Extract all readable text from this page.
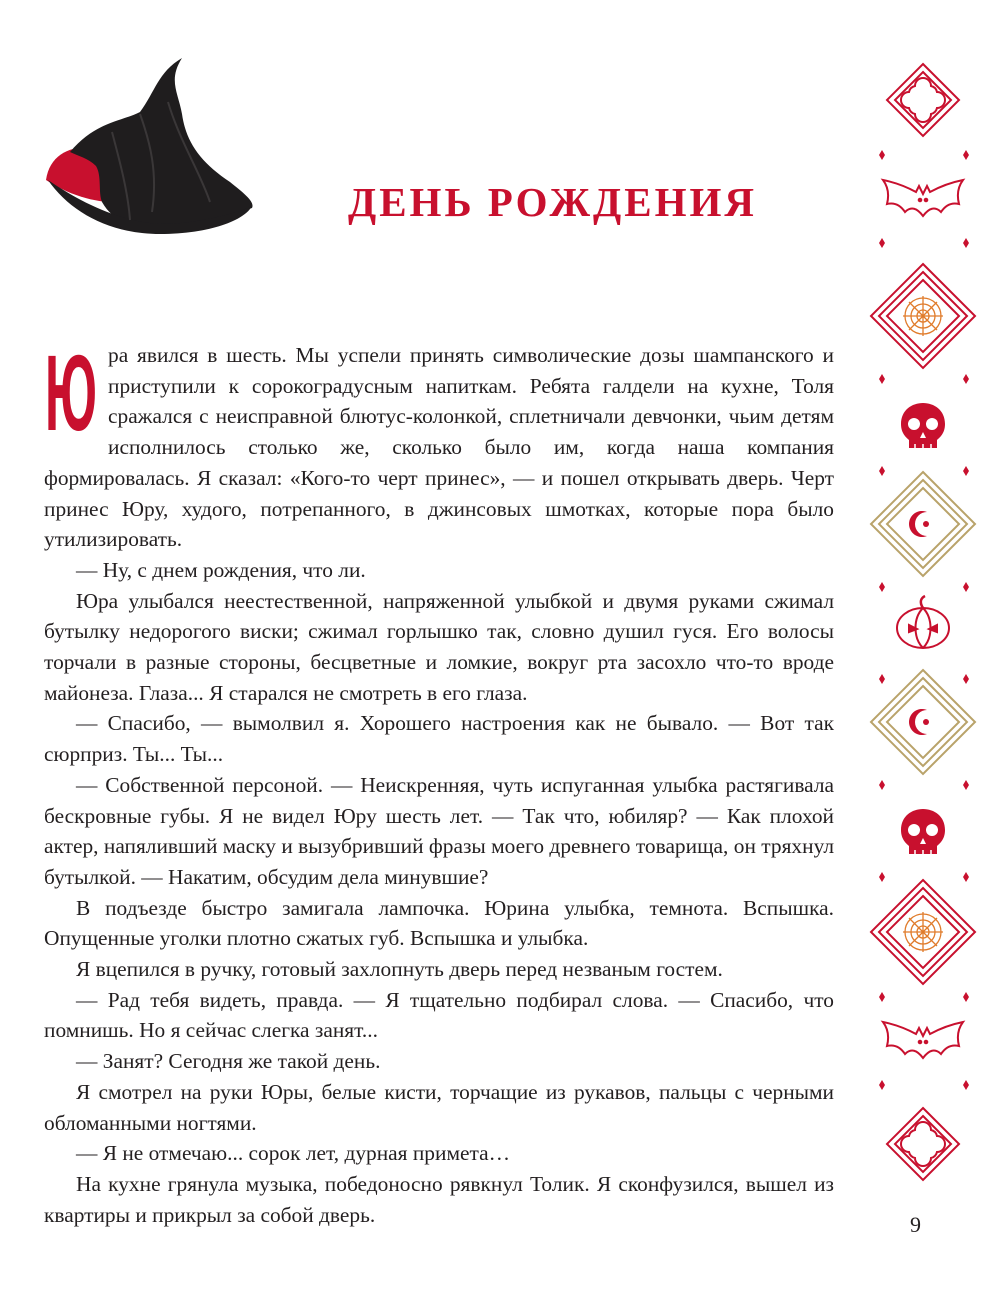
ДЕНЬ РОЖДЕНИЯ

Ю ра явился в шесть. Мы успели принять символические дозы шампанского и приступили к сорокоградусным напиткам. Ребята галдели на кухне, Толя сражался с неисправной блютус-колонкой, сплетничали девчонки, чьим детям исполнилось столько же, сколько было им, когда наша компания формировалась. Я сказал: «Кого-то черт принес», — и пошел открывать дверь. Черт принес Юру, худого, потрепанного, в джинсовых шмотках, которые пора было утилизировать.

— Ну, с днем рождения, что ли.

Юра улыбался неестественной, напряженной улыбкой и двумя руками сжимал бутылку недорогого виски; сжимал горлышко так, словно душил гуся. Его волосы торчали в разные стороны, бесцветные и ломкие, вокруг рта засохло что-то вроде майонеза. Глаза... Я старался не смотреть в его глаза.

— Спасибо, — вымолвил я. Хорошего настроения как не бывало. — Вот так сюрприз. Ты... Ты...

— Собственной персоной. — Неискренняя, чуть испуганная улыбка растягивала бескровные губы. Я не видел Юру шесть лет. — Так что, юбиляр? — Как плохой актер, напяливший маску и вызубривший фразы моего древнего товарища, он тряхнул бутылкой. — Накатим, обсудим дела минувшие?

В подъезде быстро замигала лампочка. Юрина улыбка, темнота. Вспышка. Опущенные уголки плотно сжатых губ. Вспышка и улыбка.

Я вцепился в ручку, готовый захлопнуть дверь перед незваным гостем.

— Рад тебя видеть, правда. — Я тщательно подбирал слова. — Спасибо, что помнишь. Но я сейчас слегка занят...

— Занят? Сегодня же такой день.

Я смотрел на руки Юры, белые кисти, торчащие из рукавов, пальцы с черными обломанными ногтями.

— Я не отмечаю... сорок лет, дурная примета…

На кухне грянула музыка, победоносно рявкнул Толик. Я сконфузился, вышел из квартиры и прикрыл за собой дверь.	9
